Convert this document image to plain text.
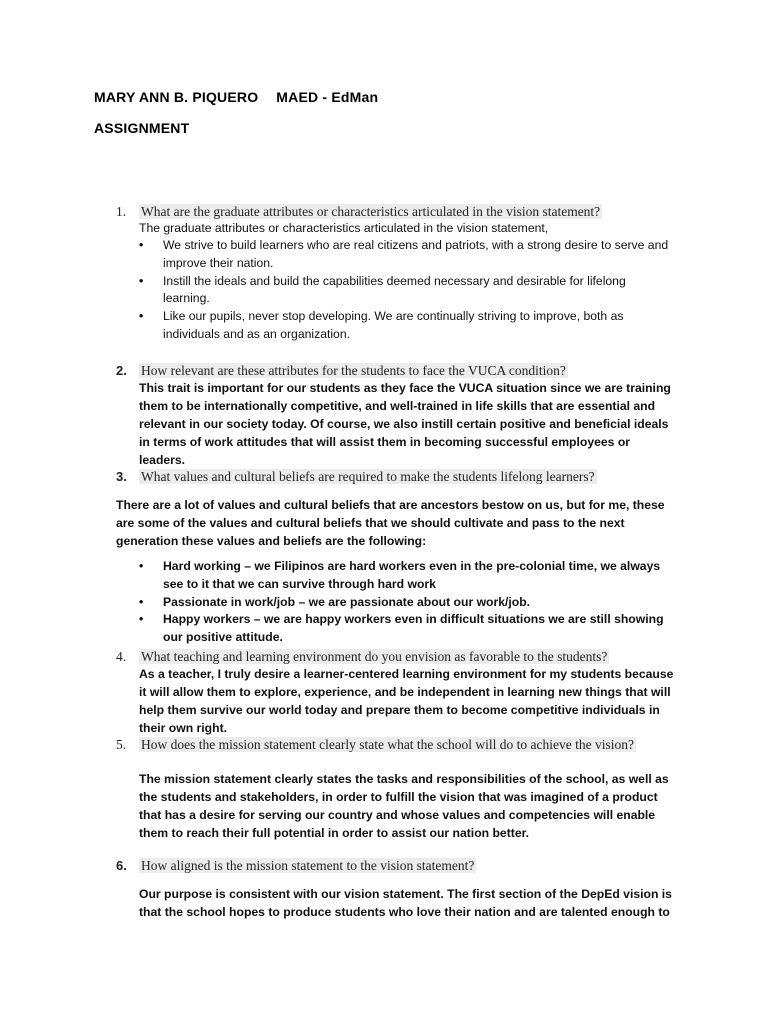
MARY ANN B. PIQUERO MAED - EdMan
ASSIGNMENT
1.	What are the graduate attributes or characteristics articulated in the vision statement?
The graduate attributes or characteristics articulated in the vision statement,
• We strive to build learners who are real citizens and patriots, with a strong desire to serve and improve their nation.
• Instill the ideals and build the capabilities deemed necessary and desirable for lifelong learning.
• Like our pupils, never stop developing. We are continually striving to improve, both as individuals and as an organization.
2.	How relevant are these attributes for the students to face the VUCA condition?
This trait is important for our students as they face the VUCA situation since we are training them to be internationally competitive, and well-trained in life skills that are essential and relevant in our society today. Of course, we also instill certain positive and beneficial ideals in terms of work attitudes that will assist them in becoming successful employees or leaders.
3.	What values and cultural beliefs are required to make the students lifelong learners?
There are a lot of values and cultural beliefs that are ancestors bestow on us, but for me, these are some of the values and cultural beliefs that we should cultivate and pass to the next generation these values and beliefs are the following:
• Hard working – we Filipinos are hard workers even in the pre-colonial time, we always see to it that we can survive through hard work
• Passionate in work/job – we are passionate about our work/job.
• Happy workers – we are happy workers even in difficult situations we are still showing our positive attitude.
4.	What teaching and learning environment do you envision as favorable to the students?
As a teacher, I truly desire a learner-centered learning environment for my students because it will allow them to explore, experience, and be independent in learning new things that will help them survive our world today and prepare them to become competitive individuals in their own right.
5.	How does the mission statement clearly state what the school will do to achieve the vision?
The mission statement clearly states the tasks and responsibilities of the school, as well as the students and stakeholders, in order to fulfill the vision that was imagined of a product that has a desire for serving our country and whose values and competencies will enable them to reach their full potential in order to assist our nation better.
6.	How aligned is the mission statement to the vision statement?
Our purpose is consistent with our vision statement. The first section of the DepEd vision is that the school hopes to produce students who love their nation and are talented enough to
